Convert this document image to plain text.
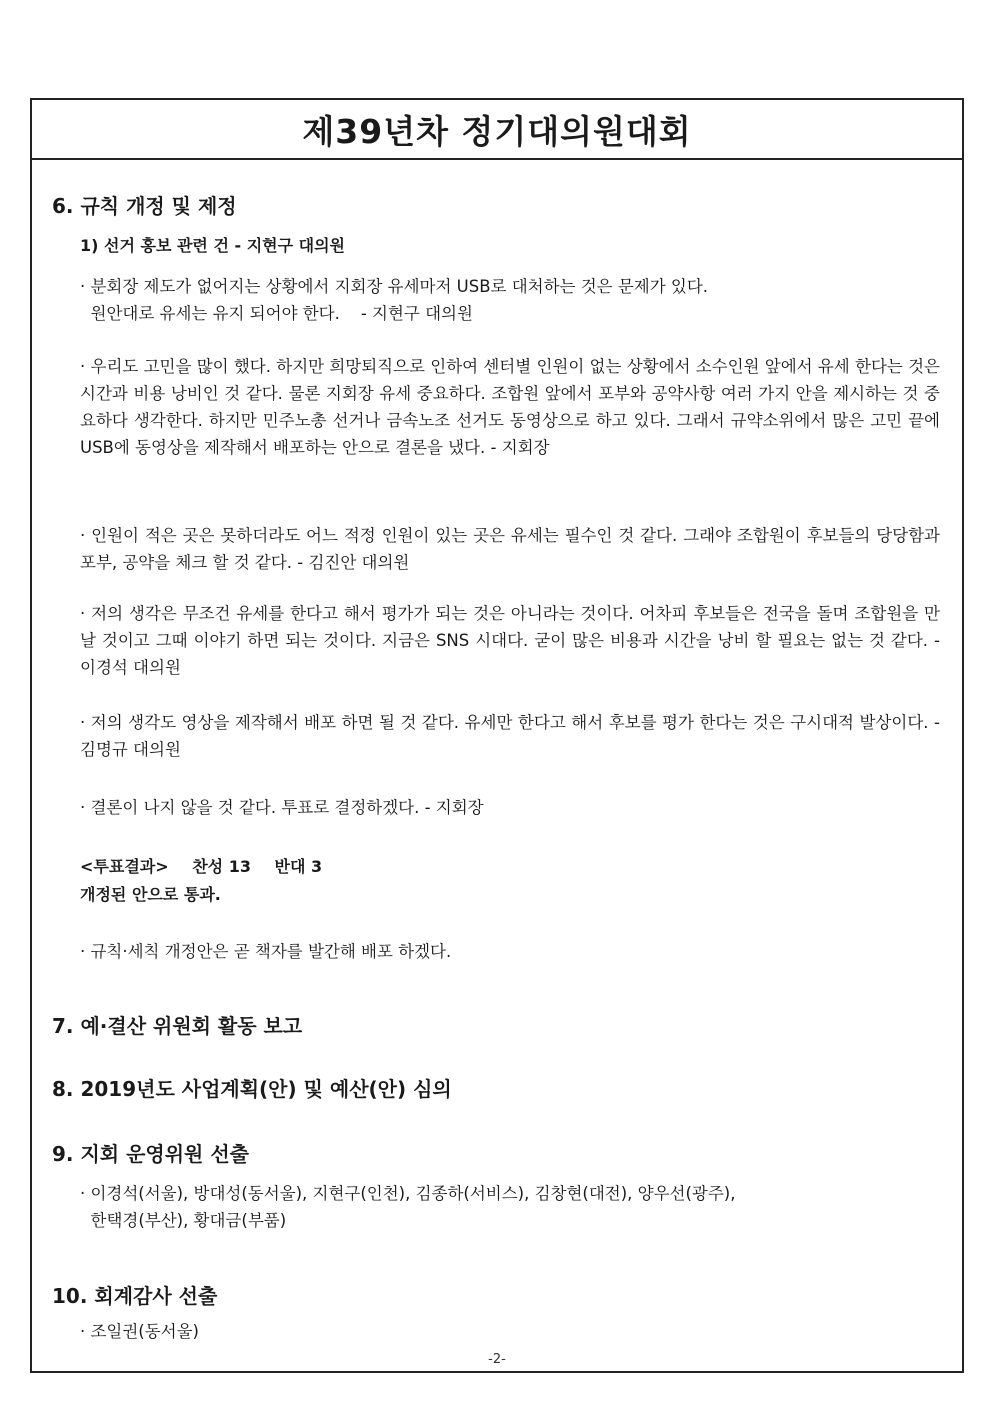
제39년차 정기대의원대회
6. 규칙 개정 및 제정
1) 선거 홍보 관련 건 - 지현구 대의원
· 분회장 제도가 없어지는 상황에서 지회장 유세마저 USB로 대처하는 것은 문제가 있다.
원안대로 유세는 유지 되어야 한다.    - 지현구 대의원
· 우리도 고민을 많이 했다. 하지만 희망퇴직으로 인하여 센터별 인원이 없는 상황에서 소수인원 앞에서 유세 한다는 것은 시간과 비용 낭비인 것 같다. 물론 지회장 유세 중요하다. 조합원 앞에서 포부와 공약사항 여러 가지 안을 제시하는 것 중요하다 생각한다. 하지만 민주노총 선거나 금속노조 선거도 동영상으로 하고 있다. 그래서 규약소위에서 많은 고민 끝에 USB에 동영상을 제작해서 배포하는 안으로 결론을 냈다. - 지회장
· 인원이 적은 곳은 못하더라도 어느 적정 인원이 있는 곳은 유세는 필수인 것 같다. 그래야 조합원이 후보들의 당당함과 포부, 공약을 체크 할 것 같다. - 김진안 대의원
· 저의 생각은 무조건 유세를 한다고 해서 평가가 되는 것은 아니라는 것이다. 어차피 후보들은 전국을 돌며 조합원을 만날 것이고 그때 이야기 하면 되는 것이다. 지금은 SNS 시대다. 굳이 많은 비용과 시간을 낭비 할 필요는 없는 것 같다. - 이경석 대의원
· 저의 생각도 영상을 제작해서 배포 하면 될 것 같다. 유세만 한다고 해서 후보를 평가 한다는 것은 구시대적 발상이다. - 김명규 대의원
· 결론이 나지 않을 것 같다. 투표로 결정하겠다. - 지회장
<투표결과> 찬성 13 반대 3
개정된 안으로 통과.
· 규칙·세칙 개정안은 곧 책자를 발간해 배포 하겠다.
7. 예·결산 위원회 활동 보고
8. 2019년도 사업계획(안) 및 예산(안) 심의
9. 지회 운영위원 선출
· 이경석(서울), 방대성(동서울), 지현구(인천), 김종하(서비스), 김창현(대전), 양우선(광주),
한택경(부산), 황대금(부품)
10. 회계감사 선출
· 조일권(동서울)
-2-
